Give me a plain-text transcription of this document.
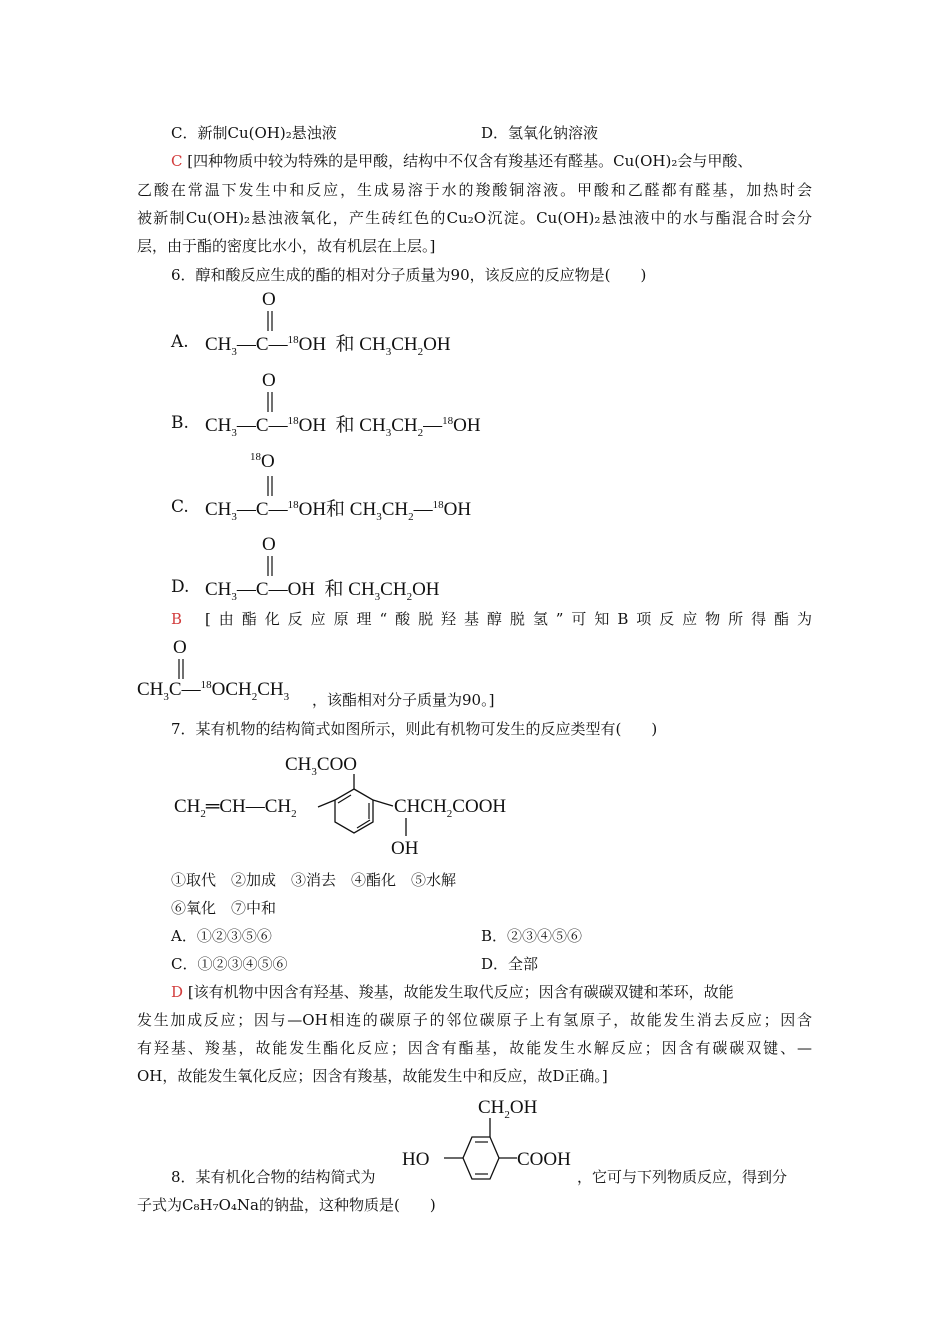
C．新制Cu(OH)₂悬浊液	D．氢氧化钠溶液
C [四种物质中较为特殊的是甲酸，结构中不仅含有羧基还有醛基。Cu(OH)₂会与甲酸、
乙酸在常温下发生中和反应，生成易溶于水的羧酸铜溶液。甲酸和乙醛都有醛基，加热时会
被新制Cu(OH)₂悬浊液氧化，产生砖红色的Cu₂O沉淀。Cu(OH)₂悬浊液中的水与酯混合时会分
层，由于酯的密度比水小，故有机层在上层。]
6．醇和酸反应生成的酯的相对分子质量为90，该反应的反应物是(　　)
A. $CH_3—C—^{18}OH$  和 $CH_3CH_2OH$
O
B. $CH_3—C—^{18}OH$  和 $CH_3CH_2—^{18}OH$
O
C. $CH_3—C—^{18}OH$和 $CH_3CH_2—^{18}OH$
$^{18}$O
D. $CH_3—C—OH$  和 $CH_3CH_2OH$
O
B [由酯化反应原理“酸脱羟基醇脱氢”可知B项反应物所得酯为
$CH_3C—^{18}OCH_2CH_3$
O
，该酯相对分子质量为90。]
7．某有机物的结构简式如图所示，则此有机物可发生的反应类型有(　　)
$CH_3COO$
$CH_2═CH—CH_2$	$CHCH_2COOH$
OH
①取代　②加成　③消去　④酯化　⑤水解
⑥氧化　⑦中和
A．①②③⑤⑥	B．②③④⑤⑥
C．①②③④⑤⑥	D．全部
D [该有机物中因含有羟基、羧基，故能发生取代反应；因含有碳碳双键和苯环，故能
发生加成反应；因与—OH相连的碳原子的邻位碳原子上有氢原子，故能发生消去反应；因含
有羟基、羧基，故能发生酯化反应；因含有酯基，故能发生水解反应；因含有碳碳双键、—
OH，故能发生氧化反应；因含有羧基，故能发生中和反应，故D正确。]
$CH_2OH$
HO	COOH
8．某有机化合物的结构简式为	，它可与下列物质反应，得到分
子式为C₈H₇O₄Na的钠盐，这种物质是(　　)
